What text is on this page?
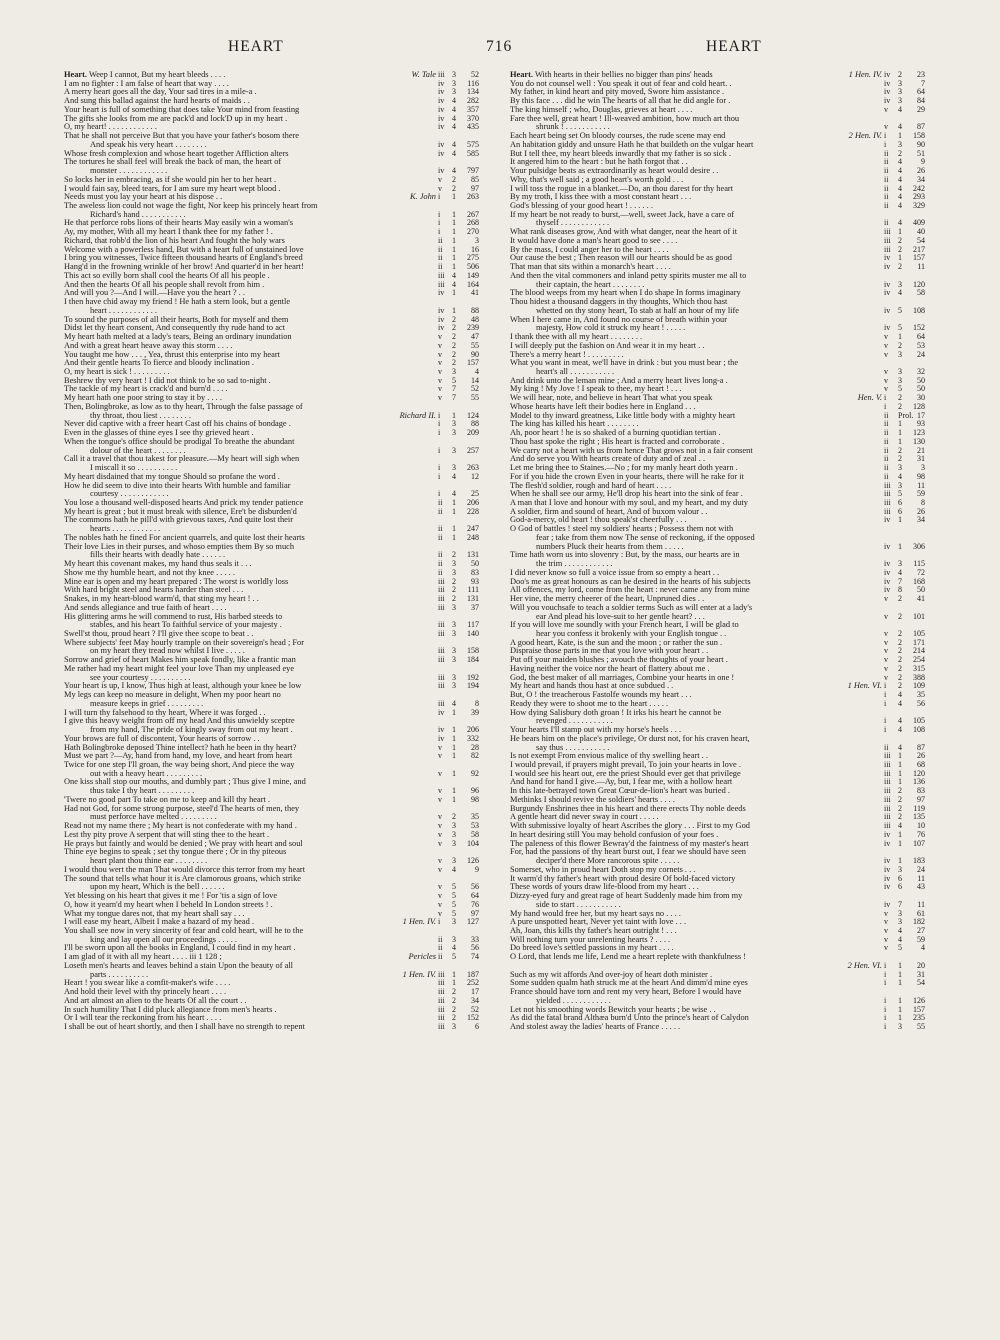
HEART	716	HEART
Heart. Weep I cannot, But my heart bleeds . . . .	W. Tale iii 3	52
I am no fighter : I am false of heart that way . . . .	iv 3	116
A merry heart goes all the day, Your sad tires in a mile-a .	iv 3	134
And sung this ballad against the hard hearts of maids . .	iv 4	282
Your heart is full of something that does take Your mind from feasting	iv 4	357
The gifts she looks from me are pack'd and lock'D up in my heart .	iv 4	370
O, my heart! . . . . . . . . . . . .	iv 4	435
That he shall not perceive But that you have your father's bosom there
And speak his very heart . . . . . . . .	iv 4	575
Whose fresh complexion and whose heart together Affliction alters	iv 4	585
The tortures he shall feel will break the back of man, the heart of
monster . . . . . . . . . . . .	iv 4	797
So locks her in embracing, as if she would pin her to her heart .	v 2	85
I would fain say, bleed tears, for I am sure my heart wept blood .	v 2	97
Needs must you lay your heart at his dispose . .	K. John i 1	263
The aweless lion could not wage the fight, Nor keep his princely heart from
Richard's hand . . . . . . . . . . .	i 1	267
He that perforce robs lions of their hearts May easily win a woman's	i 1	268
Ay, my mother, With all my heart I thank thee for my father ! .	i 1	270
Richard, that robb'd the lion of his heart And fought the holy wars	ii 1	3
Welcome with a powerless hand, But with a heart full of unstained love	ii 1	16
I bring you witnesses, Twice fifteen thousand hearts of England's breed	ii 1	275
Hang'd in the frowning wrinkle of her brow! And quarter'd in her heart!	ii 1	506
This act so evilly born shall cool the hearts Of all his people .	iii 4	149
And then the hearts Of all his people shall revolt from him .	iii 4	164
And will you ?—And I will.—Have you the heart ? . .	iv 1	41
I then have chid away my friend ! He hath a stern look, but a gentle
heart . . . . . . . . . . . .	iv 1	88
To sound the purposes of all their hearts, Both for myself and them	iv 2	48
Didst let thy heart consent, And consequently thy rude hand to act	iv 2	239
My heart hath melted at a lady's tears, Being an ordinary inundation	v 2	47
And with a great heart heave away this storm . . . .	v 2	55
You taught me how . . . , Yea, thrust this enterprise into my heart	v 2	90
And their gentle hearts To fierce and bloody inclination .	v 2	157
O, my heart is sick ! . . . . . . . . .	v 3	4
Beshrew thy very heart ! I did not think to be so sad to-night .	v 5	14
The tackle of my heart is crack'd and burn'd . . . .	v 7	52
My heart hath one poor string to stay it by . . . .	v 7	55
Then, Bolingbroke, as low as to thy heart, Through the false passage of
thy throat, thou liest . . . . . . . .	Richard II. i 1	124
Never did captive with a freer heart Cast off his chains of bondage .	i 3	88
Even in the glasses of thine eyes I see thy grieved heart .	i 3	209
When the tongue's office should be prodigal To breathe the abundant
dolour of the heart . . . . . . . .	i 3	257
Call it a travel that thou takest for pleasure.—My heart will sigh when
I miscall it so . . . . . . . . . .	i 3	263
My heart disdained that my tongue Should so profane the word .	i 4	12
How he did seem to dive into their hearts With humble and familiar
courtesy . . . . . . . . . . . .	i 4	25
You lose a thousand well-disposed hearts And prick my tender patience	ii 1	206
My heart is great ; but it must break with silence, Ere't be disburden'd	ii 1	228
The commons hath he pill'd with grievous taxes, And quite lost their
hearts . . . . . . . . . . . .	ii 1	247
The nobles hath he fined For ancient quarrels, and quite lost their hearts	ii 1	248
Their love Lies in their purses, and whoso empties them By so much
fills their hearts with deadly hate . . . . . .	ii 2	131
My heart this covenant makes, my hand thus seals it . . .	ii 3	50
Show me thy humble heart, and not thy knee . . . . .	ii 3	83
Mine ear is open and my heart prepared : The worst is worldly loss	iii 2	93
With hard bright steel and hearts harder than steel . . .	iii 2	111
Snakes, in my heart-blood warm'd, that sting my heart ! . .	iii 2	131
And sends allegiance and true faith of heart . . . .	iii 3	37
His glittering arms he will commend to rust, His barbed steeds to
stables, and his heart To faithful service of your majesty .	iii 3	117
Swell'st thou, proud heart ? I'll give thee scope to beat . .	iii 3	140
Where subjects' feet May hourly trample on their sovereign's head ; For
on my heart they tread now whilst I live . . . . .	iii 3	158
Sorrow and grief of heart Makes him speak fondly, like a frantic man	iii 3	184
Me rather had my heart might feel your love Than my unpleased eye
see your courtesy . . . . . . . . . .	iii 3	192
Your heart is up, I know, Thus high at least, although your knee be low	iii 3	194
My legs can keep no measure in delight, When my poor heart no
measure keeps in grief . . . . . . . . .	iii 4	8
I will turn thy falsehood to thy heart, Where it was forged . .	iv 1	39
I give this heavy weight from off my head And this unwieldy sceptre
from my hand, The pride of kingly sway from out my heart .	iv 1	206
Your brows are full of discontent, Your hearts of sorrow . .	iv 1	332
Hath Bolingbroke deposed Thine intellect? hath he been in thy heart?	v 1	28
Must we part ?—Ay, hand from hand, my love, and heart from heart	v 1	82
Twice for one step I'll groan, the way being short, And piece the way
out with a heavy heart . . . . . . . . .	v 1	92
One kiss shall stop our mouths, and dumbly part ; Thus give I mine, and
thus take I thy heart . . . . . . . . .	v 1	96
'Twere no good part To take on me to keep and kill thy heart .	v 1	98
Had not God, for some strong purpose, steel'd The hearts of men, they
must perforce have melted . . . . . . . . .	v 2	35
Read not my name there ; My heart is not confederate with my hand .	v 3	53
Lest thy pity prove A serpent that will sting thee to the heart .	v 3	58
He prays but faintly and would be denied ; We pray with heart and soul	v 3	104
Thine eye begins to speak ; set thy tongue there ; Or in thy piteous
heart plant thou thine ear . . . . . . . .	v 3	126
I would thou wert the man That would divorce this terror from my heart	v 4	9
The sound that tells what hour it is Are clamorous groans, which strike
upon my heart, Which is the bell . . . . . .	v 5	56
Yet blessing on his heart that gives it me ! For 'tis a sign of love	v 5	64
O, how it yearn'd my heart when I beheld In London streets ! .	v 5	76
What my tongue dares not, that my heart shall say . . .	v 5	97
I will ease my heart, Albeit I make a hazard of my head .	1 Hen. IV. i 3	127
You shall see now in very sincerity of fear and cold heart, will he to the
king and lay open all our proceedings . . . . .	ii 3	33
I'll be sworn upon all the books in England, I could find in my heart .	ii 4	56
I am glad of it with all my heart . . . . iii 1 128 ;	Pericles ii 5	74
Loseth men's hearts and leaves behind a stain Upon the beauty of all
parts . . . . . . . . . .	1 Hen. IV. iii 1	187
Heart ! you swear like a comfit-maker's wife . . . .	iii 1	252
And hold their level with thy princely heart . . . .	iii 2	17
And art almost an alien to the hearts Of all the court . .	iii 2	34
In such humility That I did pluck allegiance from men's hearts .	iii 2	52
Or I will tear the reckoning from his heart . . . .	iii 2	152
I shall be out of heart shortly, and then I shall have no strength to repent	iii 3	6
Heart. With hearts in their bellies no bigger than pins' heads	1 Hen. IV. iv 2	23
You do not counsel well : You speak it out of fear and cold heart. .	iv 3	7
My father, in kind heart and pity moved, Swore him assistance .	iv 3	64
By this face . . . did he win The hearts of all that he did angle for .	iv 3	84
The king himself ; who, Douglas, grieves at heart . . . .	v 4	29
Fare thee well, great heart ! Ill-weaved ambition, how much art thou
shrunk ! . . . . . . . . . . .	v 4	87
Each heart being set On bloody courses, the rude scene may end	2 Hen. IV. i 1	158
An habitation giddy and unsure Hath he that buildeth on the vulgar heart	i 3	90
But I tell thee, my heart bleeds inwardly that my father is so sick .	ii 2	51
It angered him to the heart : but he hath forgot that . .	ii 4	9
Your pulsidge beats as extraordinarily as heart would desire . .	ii 4	26
Why, that's well said ; a good heart's worth gold . . .	ii 4	34
I will toss the rogue in a blanket.—Do, an thou darest for thy heart	ii 4	242
By my troth, I kiss thee with a most constant heart . . .	ii 4	293
God's blessing of your good heart ! . . . . . .	ii 4	329
If my heart be not ready to burst,—well, sweet Jack, have a care of
thyself . . . . . . . . . . . .	ii 4	409
What rank diseases grow, And with what danger, near the heart of it	iii 1	40
It would have done a man's heart good to see . . . .	iii 2	54
By the mass, I could anger her to the heart . . . .	iii 2	217
Our cause the best ; Then reason will our hearts should be as good	iv 1	157
That man that sits within a monarch's heart . . . .	iv 2	11
And then the vital commoners and inland petty spirits muster me all to
their captain, the heart . . . . . . . .	iv 3	120
The blood weeps from my heart when I do shape In forms imaginary	iv 4	58
Thou hidest a thousand daggers in thy thoughts, Which thou hast
whetted on thy stony heart, To stab at half an hour of my life	iv 5	108
When I here came in, And found no course of breath within your
majesty, How cold it struck my heart ! . . . . .	iv 5	152
I thank thee with all my heart . . . . . . . .	v 1	64
I will deeply put the fashion on And wear it in my heart . .	v 2	53
There's a merry heart ! . . . . . . . . .	v 3	24
What you want in meat, we'll have in drink : but you must bear ; the
heart's all . . . . . . . . . . .	v 3	32
And drink unto the leman mine ; And a merry heart lives long-a .	v 3	50
My king ! My Jove ! I speak to thee, my heart ! . . .	v 5	50
We will hear, note, and believe in heart That what you speak	Hen. V. i 2	30
Whose hearts have left their bodies here in England . . .	i 2	128
Model to thy inward greatness, Like little body with a mighty heart	ii Prol. 17
The king has killed his heart . . . . . . . .	ii 1	93
Ah, poor heart ! he is so shaked of a burning quotidian tertian .	ii 1	123
Thou hast spoke the right ; His heart is fracted and corroborate .	ii 1	130
We carry not a heart with us from hence That grows not in a fair consent	ii 2	21
And do serve you With hearts create of duty and of zeal . .	ii 2	31
Let me bring thee to Staines.—No ; for my manly heart doth yearn .	ii 3	3
For if you hide the crown Even in your hearts, there will he rake for it	ii 4	98
The flesh'd soldier, rough and hard of heart . . . .	iii 3	11
When he shall see our army, He'll drop his heart into the sink of fear .	iii 5	59
A man that I love and honour with my soul, and my heart, and my duty	iii 6	8
A soldier, firm and sound of heart, And of buxom valour . .	iii 6	26
God-a-mercy, old heart ! thou speak'st cheerfully . . .	iv 1	34
O God of battles ! steel my soldiers' hearts ; Possess them not with
fear ; take from them now The sense of reckoning, if the opposed
numbers Pluck their hearts from them . . . . .	iv 1	306
Time hath worn us into slovenry : But, by the mass, our hearts are in
the trim . . . . . . . . . . . .	iv 3	115
I did never know so full a voice issue from so empty a heart . .	iv 4	72
Doo's me as great honours as can be desired in the hearts of his subjects	iv 7	168
All offences, my lord, come from the heart : never came any from mine	iv 8	50
Her vine, the merry cheerer of the heart, Unpruned dies . .	v 2	41
Will you vouchsafe to teach a soldier terms Such as will enter at a lady's
ear And plead his love-suit to her gentle heart? . . .	v 2	101
If you will love me soundly with your French heart, I will be glad to
hear you confess it brokenly with your English tongue . .	v 2	105
A good heart, Kate, is the sun and the moon ; or rather the sun .	v 2	171
Dispraise those parts in me that you love with your heart . .	v 2	214
Put off your maiden blushes ; avouch the thoughts of your heart .	v 2	254
Having neither the voice nor the heart of flattery about me .	v 2	315
God, the best maker of all marriages, Combine your hearts in one !	v 2	388
My heart and hands thou hast at once subdued . .	1 Hen. VI. i 2	109
But, O ! the treacherous Fastolfe wounds my heart . . .	i 4	35
Ready they were to shoot me to the heart . . . . .	i 4	56
How dying Salisbury doth groan ! It irks his heart he cannot be
revenged . . . . . . . . . . .	i 4	105
Your hearts I'll stamp out with my horse's heels . . .	i 4	108
He bears him on the place's privilege, Or durst not, for his craven heart,
say thus . . . . . . . . . . .	ii 4	87
Is not exempt From envious malice of thy swelling heart . .	iii 1	26
I would prevail, if prayers might prevail, To join your hearts in love .	iii 1	68
I would see his heart out, ere the priest Should ever get that privilege	iii 1	120
And hand for hand I give.—Ay, but, I fear me, with a hollow heart	iii 1	136
In this late-betrayed town Great Cœur-de-lion's heart was buried .	iii 2	83
Methinks I should revive the soldiers' hearts . . . .	iii 2	97
Burgundy Enshrines thee in his heart and there erects Thy noble deeds	iii 2	119
A gentle heart did never sway in court . . . . .	iii 2	135
With submissive loyalty of heart Ascribes the glory . . . First to my God	iii 4	10
In heart desiring still You may behold confusion of your foes .	iv 1	76
The paleness of this flower Bewray'd the faintness of my master's heart	iv 1	107
For, had the passions of thy heart burst out, I fear we should have seen
deciper'd there More rancorous spite . . . . .	iv 1	183
Somerset, who in proud heart Doth stop my cornets . . .	iv 3	24
It warm'd thy father's heart with proud desire Of bold-faced victory	iv 6	11
These words of yours draw life-blood from my heart . . .	iv 6	43
Dizzy-eyed fury and great rage of heart Suddenly made him from my
side to start . . . . . . . . . . .	iv 7	11
My hand would free her, but my heart says no . . . .	v 3	61
A pure unspotted heart, Never yet taint with love . . .	v 3	182
Ah, Joan, this kills thy father's heart outright ! . . .	v 4	27
Will nothing turn your unrelenting hearts ? . . . .	v 4	59
Do breed love's settled passions in my heart . . . .	v 5	4
O Lord, that lends me life, Lend me a heart replete with thankfulness !
2 Hen. VI. i 1	20
Such as my wit affords And over-joy of heart doth minister .	i 1	31
Some sudden qualm hath struck me at the heart And dimm'd mine eyes	i 1	54
France should have torn and rent my very heart, Before I would have
yielded . . . . . . . . . . . .	i 1	126
Let not his smoothing words Bewitch your hearts ; be wise . .	i 1	157
As did the fatal brand Althæa burn'd Unto the prince's heart of Calydon	i 1	235
And stolest away the ladies' hearts of France . . . . .	i 3	55
